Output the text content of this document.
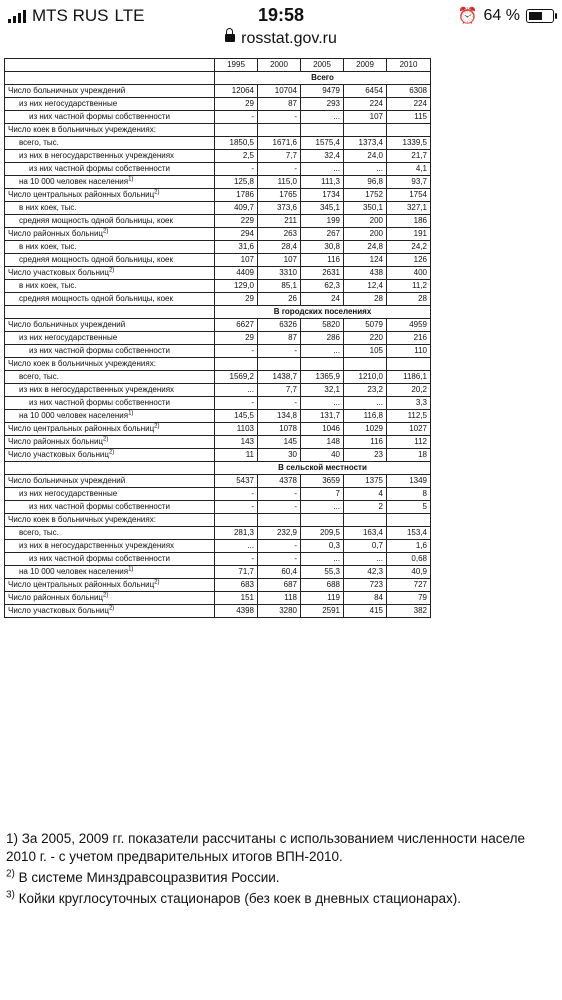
MTS RUS LTE	19:58	⏰ 64 %
rosstat.gov.ru
	1995	2000	2005	2009	2010
	Всего				
Число больничных учреждений	12064	10704	9479	6454	6308
из них негосударственные	29	87	293	224	224
из них частной формы собственности	-	-	...	107	115
Число коек в больничных учреждениях:					
всего, тыс.	1850,5	1671,6	1575,4	1373,4	1339,5
из них в негосударственных учреждениях	2,5	7,7	32,4	24,0	21,7
из них частной формы собственности	-	-	...	...	4,1
на 10 000 человек населения$^{1)}$	125,8	115,0	111,3	96,8	93,7
Число центральных районных больниц$^{2)}$	1786	1765	1734	1752	1754
в них коек, тыс.	409,7	373,6	345,1	350,1	327,1
средняя мощность одной больницы, коек	229	211	199	200	186
Число районных больниц$^{2)}$	294	263	267	200	191
в них коек, тыс.	31,6	28,4	30,8	24,8	24,2
средняя мощность одной больницы, коек	107	107	116	124	126
Число участковых больниц$^{2)}$	4409	3310	2631	438	400
в них коек, тыс.	129,0	85,1	62,3	12,4	11,2
средняя мощность одной больницы, коек	29	26	24	28	28
	В городских поселениях				
Число больничных учреждений	6627	6326	5820	5079	4959
из них негосударственные	29	87	286	220	216
из них частной формы собственности	-	-	...	105	110
Число коек в больничных учреждениях:					
всего, тыс.	1569,2	1438,7	1365,9	1210,0	1186,1
из них в негосударственных учреждениях	...	7,7	32,1	23,2	20,2
из них частной формы собственности	-	-	...	...	3,3
на 10 000 человек населения$^{1)}$	145,5	134,8	131,7	116,8	112,5
Число центральных районных больниц$^{2)}$	1103	1078	1046	1029	1027
Число районных больниц$^{2)}$	143	145	148	116	112
Число участковых больниц$^{2)}$	11	30	40	23	18
	В сельской местности				
Число больничных учреждений	5437	4378	3659	1375	1349
из них негосударственные	-	-	7	4	8
из них частной формы собственности	-	-	...	2	5
Число коек в больничных учреждениях:					
всего, тыс.	281,3	232,9	209,5	163,4	153,4
из них в негосударственных учреждениях	...	-	0,3	0,7	1,6
из них частной формы собственности	-	-	...	...	0,68
на 10 000 человек населения$^{1)}$	71,7	60,4	55,3	42,3	40,9
Число центральных районных больниц$^{2)}$	683	687	688	723	727
Число районных больниц$^{2)}$	151	118	119	84	79
Число участковых больниц$^{2)}$	4398	3280	2591	415	382
1) За 2005, 2009 гг. показатели рассчитаны с использованием численности населе
2010 г. - с учетом предварительных итогов ВПН-2010.
$^{2)}$ В системе Минздравсоцразвития России.
$^{3)}$ Койки круглосуточных стационаров (без коек в дневных стационарах).
